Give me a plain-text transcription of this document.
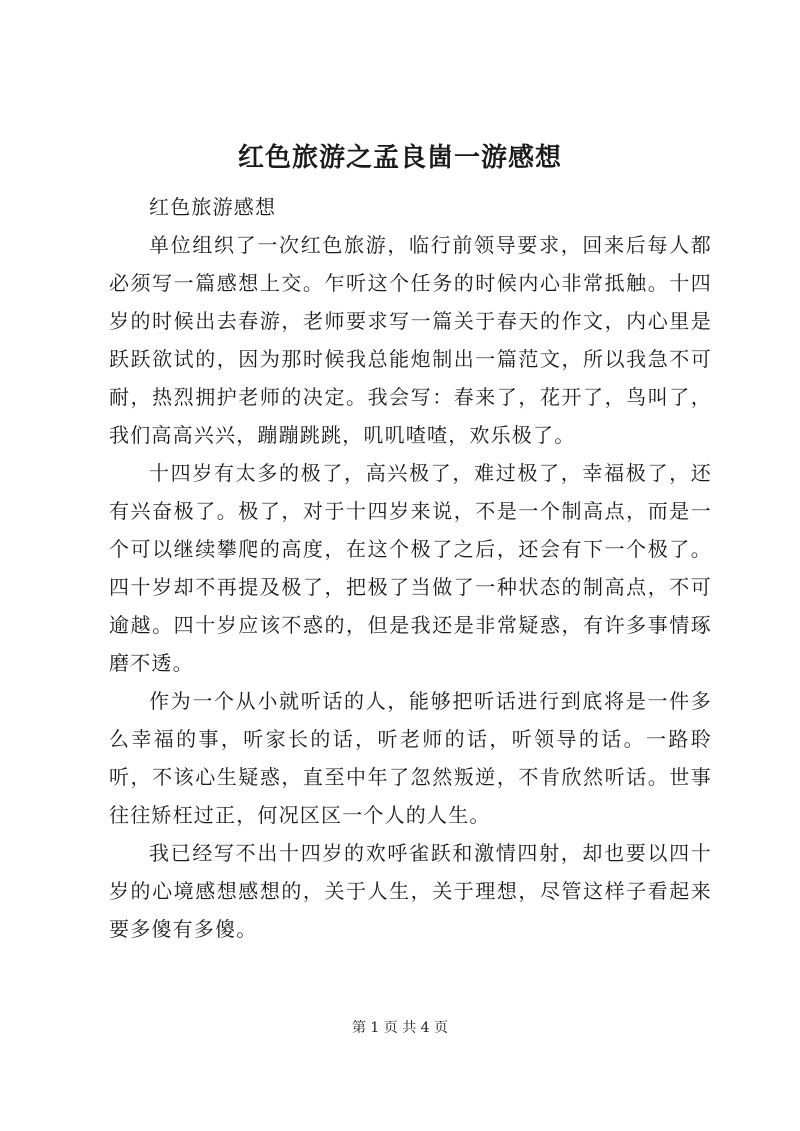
红色旅游之孟良崮一游感想

红色旅游感想

单位组织了一次红色旅游，临行前领导要求，回来后每人都必须写一篇感想上交。乍听这个任务的时候内心非常抵触。十四岁的时候出去春游，老师要求写一篇关于春天的作文，内心里是跃跃欲试的，因为那时候我总能炮制出一篇范文，所以我急不可耐，热烈拥护老师的决定。我会写：春来了，花开了，鸟叫了，我们高高兴兴，蹦蹦跳跳，叽叽喳喳，欢乐极了。

十四岁有太多的极了，高兴极了，难过极了，幸福极了，还有兴奋极了。极了，对于十四岁来说，不是一个制高点，而是一个可以继续攀爬的高度，在这个极了之后，还会有下一个极了。四十岁却不再提及极了，把极了当做了一种状态的制高点，不可逾越。四十岁应该不惑的，但是我还是非常疑惑，有许多事情琢磨不透。

作为一个从小就听话的人，能够把听话进行到底将是一件多么幸福的事，听家长的话，听老师的话，听领导的话。一路聆听，不该心生疑惑，直至中年了忽然叛逆，不肯欣然听话。世事往往矫枉过正，何况区区一个人的人生。

我已经写不出十四岁的欢呼雀跃和激情四射，却也要以四十岁的心境感想感想的，关于人生，关于理想，尽管这样子看起来要多傻有多傻。

第 1 页 共 4 页
